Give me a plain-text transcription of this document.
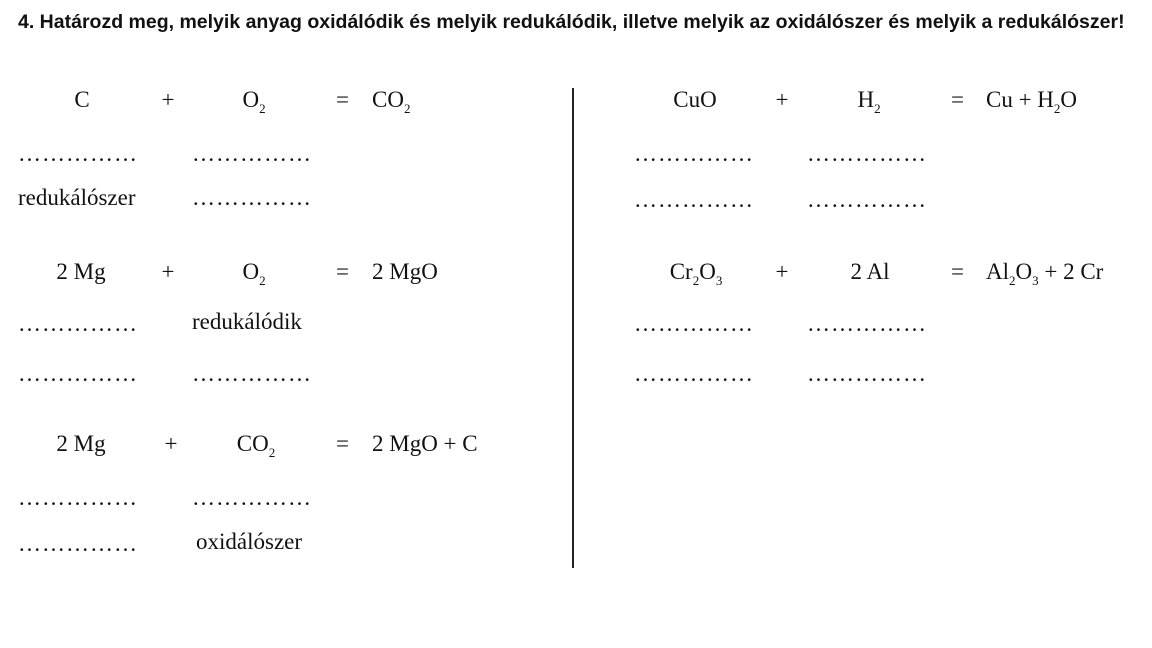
4. Határozd meg, melyik anyag oxidálódik és melyik redukálódik, illetve melyik az oxidálószer és melyik a redukálószer!
C	+	$O_2$	= $CO_2$
…………… ……………
redukálószer ……………
2 Mg +	$O_2$	= 2 MgO
…………… redukálódik
…………… ……………
2 Mg	+	$CO_2$	= 2 MgO + C
…………… ……………
……………	oxidálószer
CuO	+	$H_2$	= $Cu + H_2O$
…………… ……………
…………… ……………
$Cr_2O_3$ +	2 Al	= $Al_2O_3 + 2$ Cr
…………… ……………
…………… ……………
